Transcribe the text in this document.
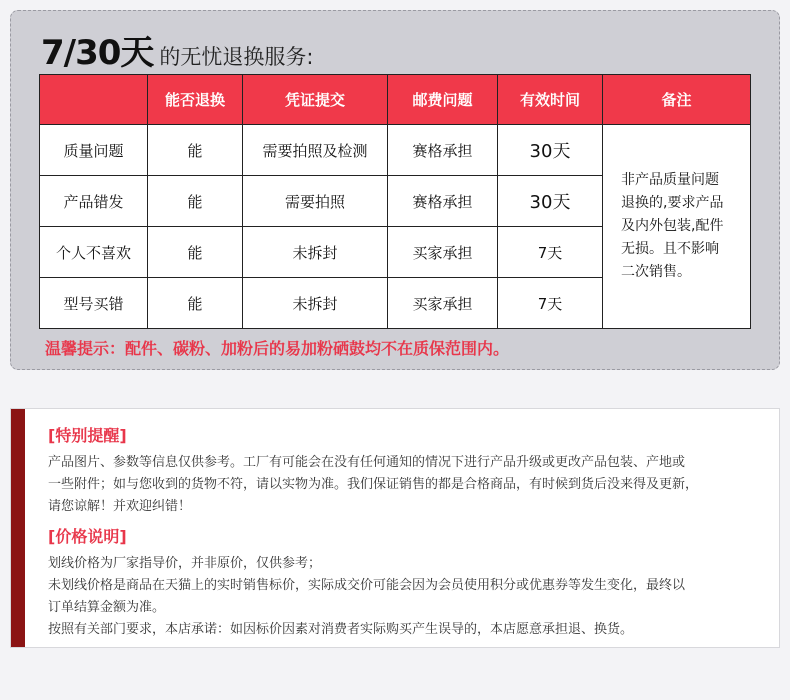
7/30天 的无忧退换服务:
	能否退换	凭证提交	邮费问题	有效时间	备注
质量问题	能	需要拍照及检测	赛格承担	30天	非产品质量问题
退换的,要求产品
及内外包装,配件
无损。且不影响
二次销售。

产品错发	能	需要拍照	赛格承担	30天	
个人不喜欢	能	未拆封	买家承担	7天	
型号买错	能	未拆封	买家承担	7天	
温馨提示：配件、碳粉、加粉后的易加粉硒鼓均不在质保范围内。
[特别提醒]
产品图片、参数等信息仅供参考。工厂有可能会在没有任何通知的情况下进行产品升级或更改产品包装、产地或
一些附件；如与您收到的货物不符，请以实物为准。我们保证销售的都是合格商品，有时候到货后没来得及更新，
请您谅解！并欢迎纠错！
[价格说明]
划线价格为厂家指导价，并非原价，仅供参考；
未划线价格是商品在天猫上的实时销售标价，实际成交价可能会因为会员使用积分或优惠券等发生变化，最终以
订单结算金额为准。
按照有关部门要求，本店承诺：如因标价因素对消费者实际购买产生误导的，本店愿意承担退、换货。
